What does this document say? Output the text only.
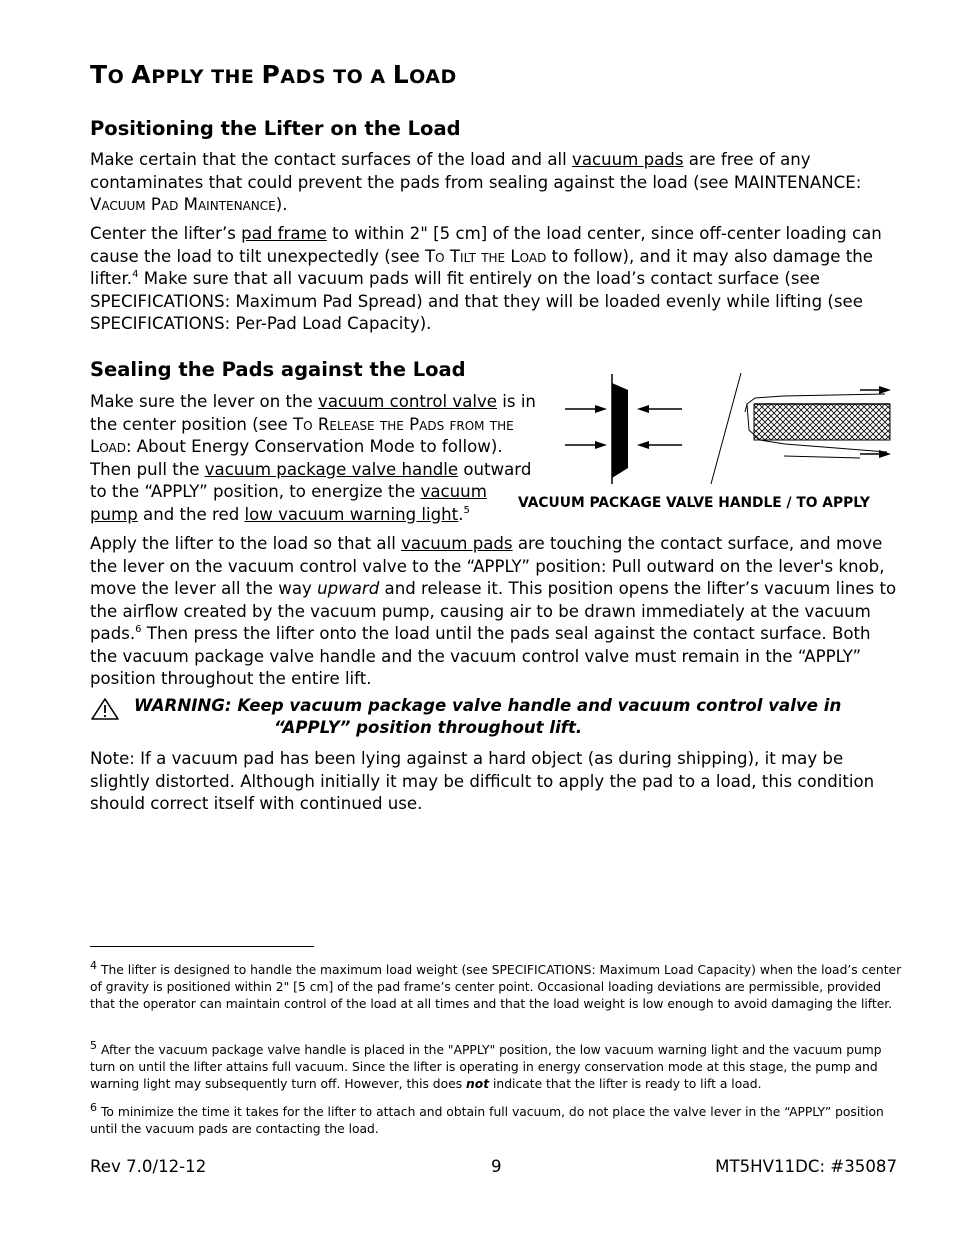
TO APPLY THE PADS TO A LOAD
Positioning the Lifter on the Load

Make certain that the contact surfaces of the load and all vacuum pads are free of any contaminates that could prevent the pads from sealing against the load (see MAINTENANCE: Vacuum Pad Maintenance).

Center the lifter’s pad frame to within 2" [5 cm] of the load center, since off-center loading can cause the load to tilt unexpectedly (see To Tilt the Load to follow), and it may also damage the lifter.$^4$ Make sure that all vacuum pads will fit entirely on the load’s contact surface (see SPECIFICATIONS: Maximum Pad Spread) and that they will be loaded evenly while lifting (see SPECIFICATIONS: Per-Pad Load Capacity).

Sealing the Pads against the Load

Make sure the lever on the vacuum control valve is in the center position (see To Release the Pads from the Load: About Energy Conservation Mode to follow). Then pull the vacuum package valve handle outward to the “APPLY” position, to energize the vacuum pump and the red low vacuum warning light.$^5$	VACUUM PACKAGE VALVE HANDLE / TO APPLY

Apply the lifter to the load so that all vacuum pads are touching the contact surface, and move the lever on the vacuum control valve to the “APPLY” position: Pull outward on the lever's knob, move the lever all the way upward and release it. This position opens the lifter’s vacuum lines to the airflow created by the vacuum pump, causing air to be drawn immediately at the vacuum pads.$^6$ Then press the lifter onto the load until the pads seal against the contact surface. Both the vacuum package valve handle and the vacuum control valve must remain in the “APPLY” position throughout the entire lift.

WARNING: Keep vacuum package valve handle and vacuum control valve in
“APPLY” position throughout lift.

Note: If a vacuum pad has been lying against a hard object (as during shipping), it may be slightly distorted. Although initially it may be difficult to apply the pad to a load, this condition should correct itself with continued use.

$^4$ The lifter is designed to handle the maximum load weight (see SPECIFICATIONS: Maximum Load Capacity) when the load’s center of gravity is positioned within 2" [5 cm] of the pad frame’s center point. Occasional loading deviations are permissible, provided that the operator can maintain control of the load at all times and that the load weight is low enough to avoid damaging the lifter.
$^5$ After the vacuum package valve handle is placed in the "APPLY" position, the low vacuum warning light and the vacuum pump turn on until the lifter attains full vacuum. Since the lifter is operating in energy conservation mode at this stage, the pump and warning light may subsequently turn off. However, this does not indicate that the lifter is ready to lift a load.
$^6$ To minimize the time it takes for the lifter to attach and obtain full vacuum, do not place the valve lever in the “APPLY” position until the vacuum pads are contacting the load.
Rev 7.0/12-12	9	MT5HV11DC: #35087
